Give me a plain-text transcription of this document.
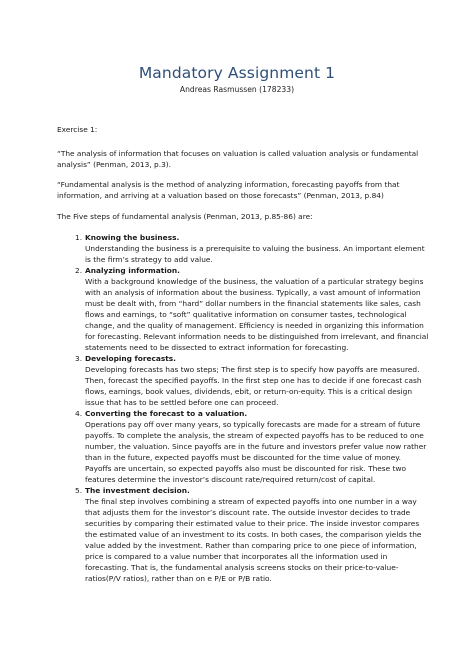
Mandatory Assignment 1
Andreas Rasmussen (178233)
Exercise 1:
“The analysis of information that focuses on valuation is called valuation analysis or fundamental analysis” (Penman, 2013, p.3).
“Fundamental analysis is the method of analyzing information, forecasting payoffs from that information, and arriving at a valuation based on those forecasts” (Penman, 2013, p.84)
The Five steps of fundamental analysis (Penman, 2013, p.85-86) are:
1. Knowing the business.
Understanding the business is a prerequisite to valuing the business. An important element is the firm’s strategy to add value.
2. Analyzing information.
With a background knowledge of the business, the valuation of a particular strategy begins with an analysis of information about the business. Typically, a vast amount of information must be dealt with, from “hard” dollar numbers in the financial statements like sales, cash flows and earnings, to “soft” qualitative information on consumer tastes, technological change, and the quality of management. Efficiency is needed in organizing this information for forecasting. Relevant information needs to be distinguished from irrelevant, and financial statements need to be dissected to extract information for forecasting.
3. Developing forecasts.
Developing forecasts has two steps; The first step is to specify how payoffs are measured. Then, forecast the specified payoffs. In the first step one has to decide if one forecast cash flows, earnings, book values, dividends, ebit, or return-on-equity. This is a critical design issue that has to be settled before one can proceed.
4. Converting the forecast to a valuation.
Operations pay off over many years, so typically forecasts are made for a stream of future payoffs. To complete the analysis, the stream of expected payoffs has to be reduced to one number, the valuation. Since payoffs are in the future and investors prefer value now rather than in the future, expected payoffs must be discounted for the time value of money. Payoffs are uncertain, so expected payoffs also must be discounted for risk. These two features determine the investor’s discount rate/required return/cost of capital.
5. The investment decision.
The final step involves combining a stream of expected payoffs into one number in a way that adjusts them for the investor’s discount rate. The outside investor decides to trade securities by comparing their estimated value to their price. The inside investor compares the estimated value of an investment to its costs. In both cases, the comparison yields the value added by the investment. Rather than comparing price to one piece of information, price is compared to a value number that incorporates all the information used in forecasting. That is, the fundamental analysis screens stocks on their price-to-value-ratios(P/V ratios), rather than on e P/E or P/B ratio.
